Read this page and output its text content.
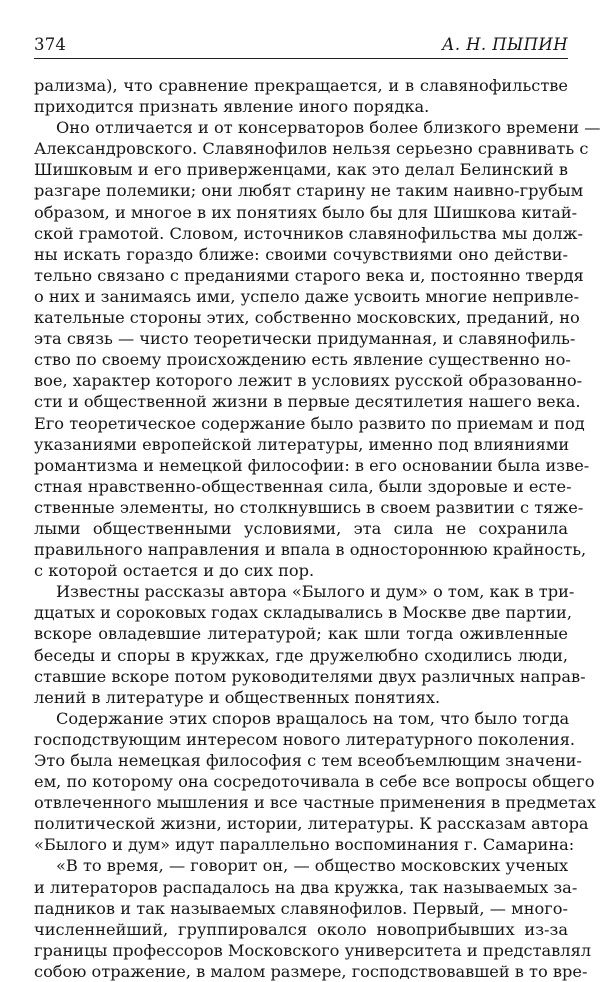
374	А. Н. ПЫПИН
рализма), что сравнение прекращается, и в славянофильстве
приходится признать явление иного порядка.
Оно отличается и от консерваторов более близкого времени —
Александровского. Славянофилов нельзя серьезно сравнивать с
Шишковым и его приверженцами, как это делал Белинский в
разгаре полемики; они любят старину не таким наивно-грубым
образом, и многое в их понятиях было бы для Шишкова китай-
ской грамотой. Словом, источников славянофильства мы долж-
ны искать гораздо ближе: своими сочувствиями оно действи-
тельно связано с преданиями старого века и, постоянно твердя
о них и занимаясь ими, успело даже усвоить многие непривле-
кательные стороны этих, собственно московских, преданий, но
эта связь — чисто теоретически придуманная, и славянофиль-
ство по своему происхождению есть явление существенно но-
вое, характер которого лежит в условиях русской образованно-
сти и общественной жизни в первые десятилетия нашего века.
Его теоретическое содержание было развито по приемам и под
указаниями европейской литературы, именно под влияниями
романтизма и немецкой философии: в его основании была изве-
стная нравственно-общественная сила, были здоровые и есте-
ственные элементы, но столкнувшись в своем развитии с тяже-
лыми общественными условиями, эта сила не сохранила
правильного направления и впала в одностороннюю крайность,
с которой остается и до сих пор.
Известны рассказы автора «Былого и дум» о том, как в три-
дцатых и сороковых годах складывались в Москве две партии,
вскоре овладевшие литературой; как шли тогда оживленные
беседы и споры в кружках, где дружелюбно сходились люди,
ставшие вскоре потом руководителями двух различных направ-
лений в литературе и общественных понятиях.
Содержание этих споров вращалось на том, что было тогда
господствующим интересом нового литературного поколения.
Это была немецкая философия с тем всеобъемлющим значени-
ем, по которому она сосредоточивала в себе все вопросы общего
отвлеченного мышления и все частные применения в предметах
политической жизни, истории, литературы. К рассказам автора
«Былого и дум» идут параллельно воспоминания г. Самарина:
«В то время, — говорит он, — общество московских ученых
и литераторов распадалось на два кружка, так называемых за-
падников и так называемых славянофилов. Первый, — много-
численнейший, группировался около новоприбывших из-за
границы профессоров Московского университета и представлял
собою отражение, в малом размере, господствовавшей в то вре-
